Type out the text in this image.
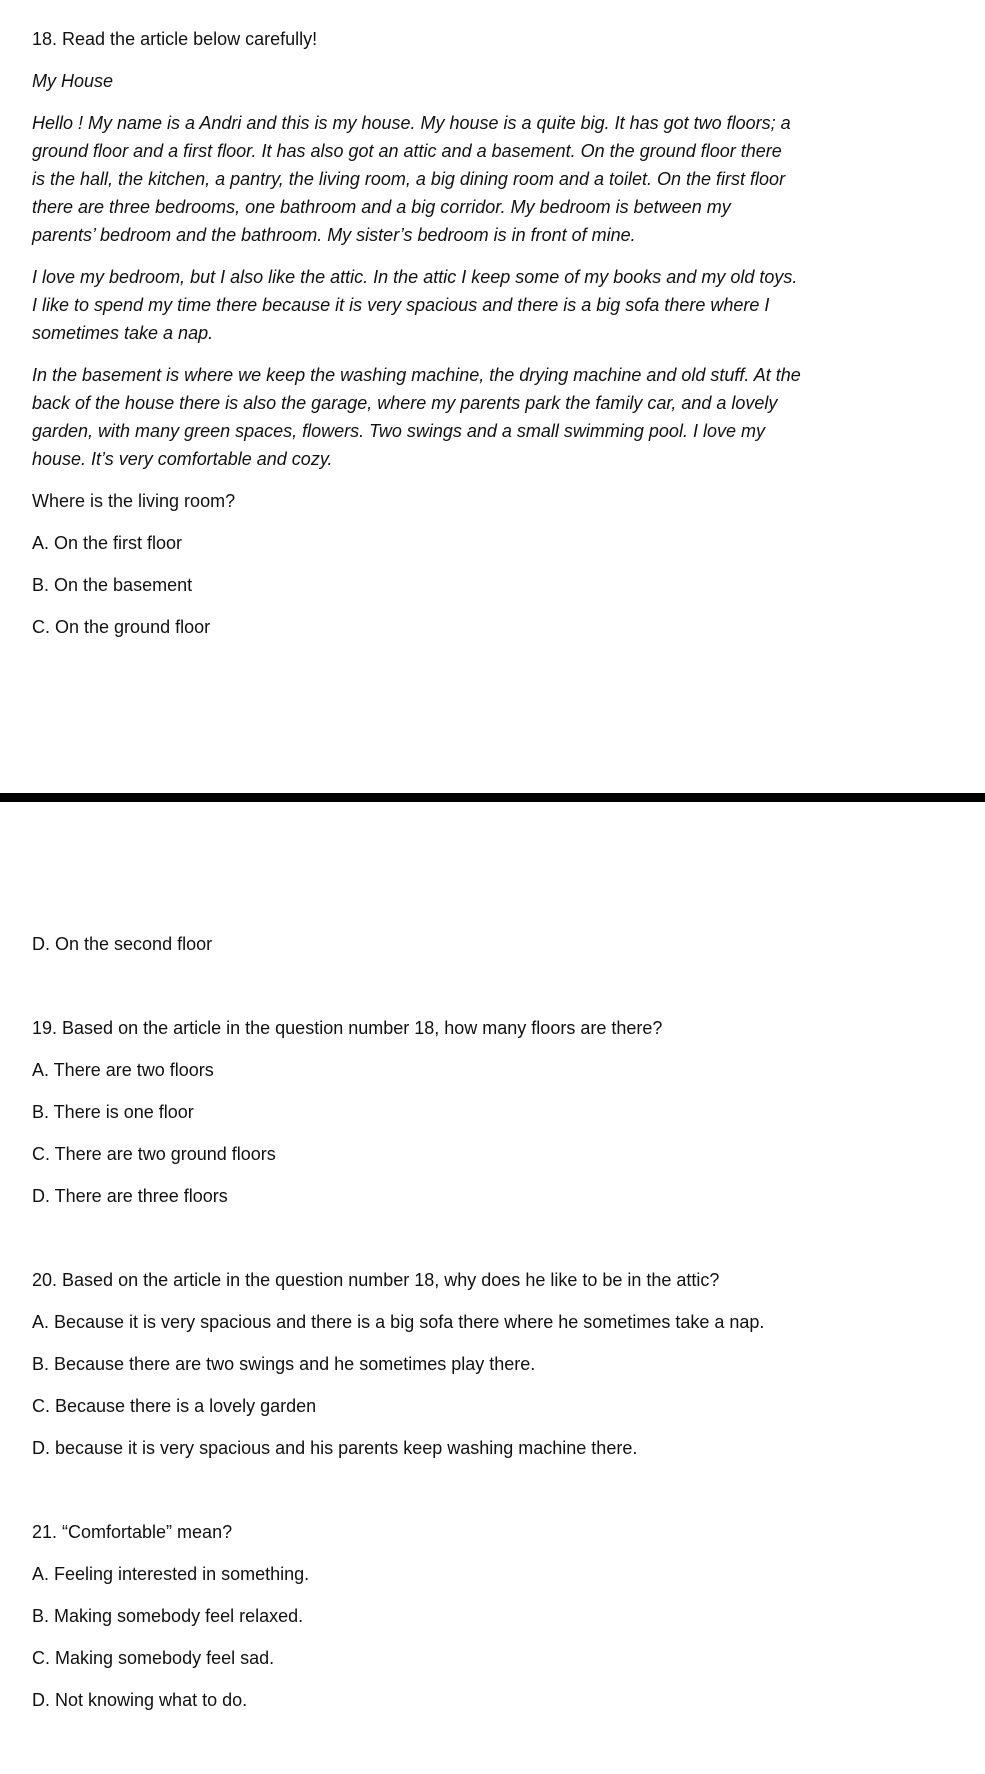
18. Read the article below carefully!

My House

Hello ! My name is a Andri and this is my house. My house is a quite big. It has got two floors; a
ground floor and a first floor. It has also got an attic and a basement. On the ground floor there
is the hall, the kitchen, a pantry, the living room, a big dining room and a toilet. On the first floor
there are three bedrooms, one bathroom and a big corridor. My bedroom is between my
parents’ bedroom and the bathroom. My sister’s bedroom is in front of mine.
I love my bedroom, but I also like the attic. In the attic I keep some of my books and my old toys.
I like to spend my time there because it is very spacious and there is a big sofa there where I
sometimes take a nap.
In the basement is where we keep the washing machine, the drying machine and old stuff. At the
back of the house there is also the garage, where my parents park the family car, and a lovely
garden, with many green spaces, flowers. Two swings and a small swimming pool. I love my
house. It’s very comfortable and cozy.

Where is the living room?

A. On the first floor

B. On the basement

C. On the ground floor

D. On the second floor

19. Based on the article in the question number 18, how many floors are there?

A. There are two floors

B. There is one floor

C. There are two ground floors

D. There are three floors

20. Based on the article in the question number 18, why does he like to be in the attic?

A. Because it is very spacious and there is a big sofa there where he sometimes take a nap.

B. Because there are two swings and he sometimes play there.

C. Because there is a lovely garden

D. because it is very spacious and his parents keep washing machine there.

21. “Comfortable” mean?

A. Feeling interested in something.

B. Making somebody feel relaxed.

C. Making somebody feel sad.

D. Not knowing what to do.
